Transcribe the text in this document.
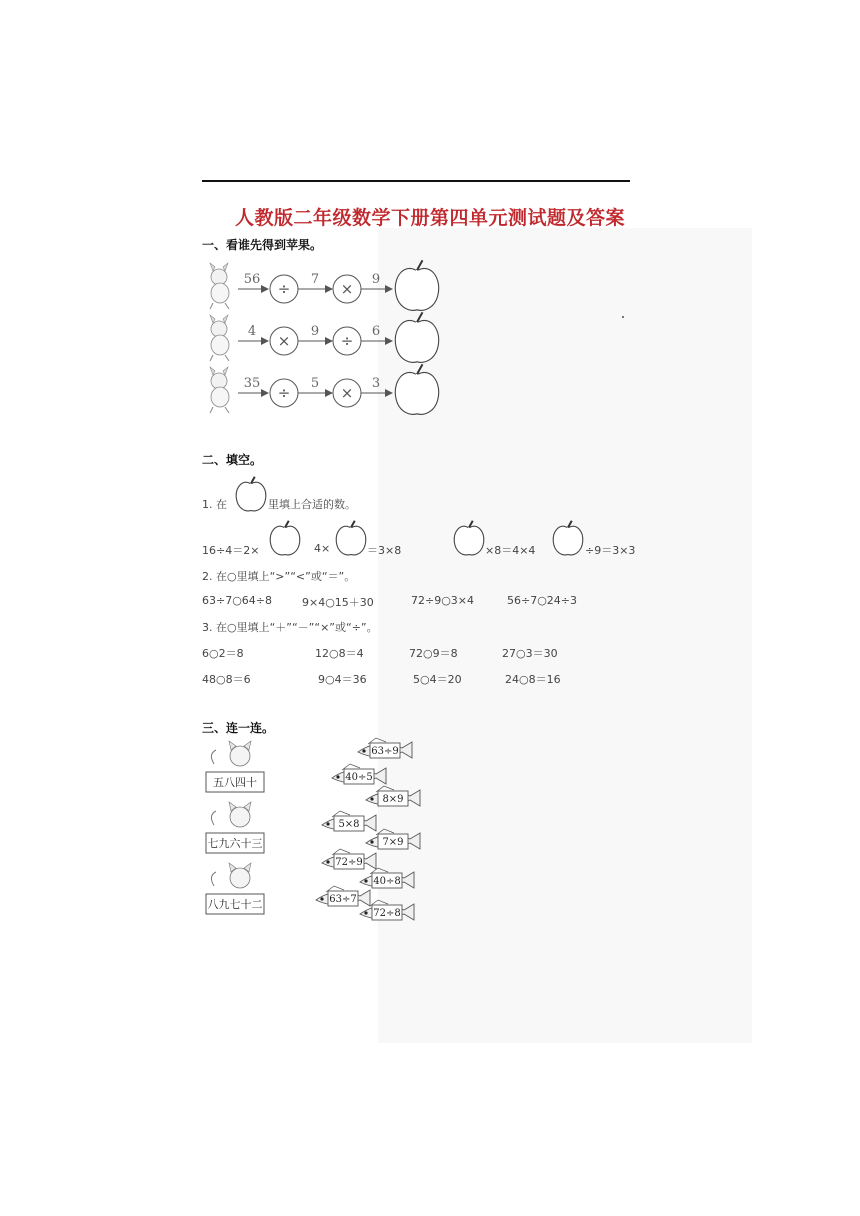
人教版二年级数学下册第四单元测试题及答案
一、看谁先得到苹果。
56
÷
7
×
9
4
×
9
÷
6
35
÷
5
×
3
63÷9
40÷5
8×9
5×8
7×9
72÷9
40÷8
63÷7
72÷8
五八四十
七九六十三
八九七十二
二、填空。
1. 在	里填上合适的数。
16÷4＝2×	4×	＝3×8	×8＝4×4	÷9＝3×3
2. 在○里填上“>”“<”或“＝”。
63÷7○64÷8	9×4○15＋30	72÷9○3×4	56÷7○24÷3
3. 在○里填上“＋”“－”“×”或“÷”。
6○2＝8	12○8＝4	72○9＝8	27○3＝30
48○8＝6	9○4＝36	5○4＝20	24○8＝16
三、连一连。
